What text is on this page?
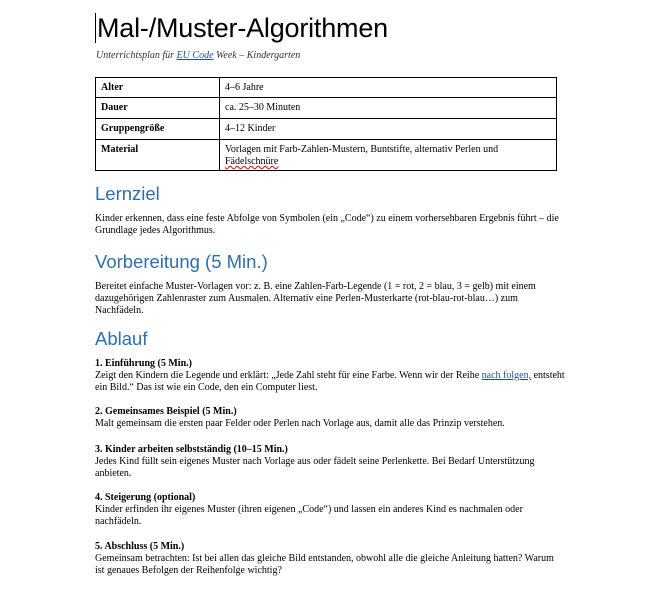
Mal-/Muster-Algorithmen
Unterrichtsplan für EU Code Week – Kindergarten
Alter	4–6 Jahre
Dauer	ca. 25–30 Minuten
Gruppengröße	4–12 Kinder
Material	Vorlagen mit Farb-Zahlen-Mustern, Buntstifte, alternativ Perlen und
Fädelschnüre
Lernziel

Kinder erkennen, dass eine feste Abfolge von Symbolen (ein „Code“) zu einem vorhersehbaren Ergebnis führt – die Grundlage jedes Algorithmus.

Vorbereitung (5 Min.)

Bereitet einfache Muster-Vorlagen vor: z. B. eine Zahlen-Farb-Legende (1 = rot, 2 = blau, 3 = gelb) mit einem dazugehörigen Zahlenraster zum Ausmalen. Alternativ eine Perlen-Musterkarte (rot-blau-rot-blau…) zum Nachfädeln.

Ablauf
1. Einführung (5 Min.)
Zeigt den Kindern die Legende und erklärt: „Jede Zahl steht für eine Farbe. Wenn wir der Reihe nach folgen, entsteht ein Bild.“ Das ist wie ein Code, den ein Computer liest.
2. Gemeinsames Beispiel (5 Min.)
Malt gemeinsam die ersten paar Felder oder Perlen nach Vorlage aus, damit alle das Prinzip verstehen.
3. Kinder arbeiten selbstständig (10–15 Min.)
Jedes Kind füllt sein eigenes Muster nach Vorlage aus oder fädelt seine Perlenkette. Bei Bedarf Unterstützung anbieten.
4. Steigerung (optional)
Kinder erfinden ihr eigenes Muster (ihren eigenen „Code“) und lassen ein anderes Kind es nachmalen oder nachfädeln.
5. Abschluss (5 Min.)
Gemeinsam betrachten: Ist bei allen das gleiche Bild entstanden, obwohl alle die gleiche Anleitung hatten? Warum ist genaues Befolgen der Reihenfolge wichtig?
